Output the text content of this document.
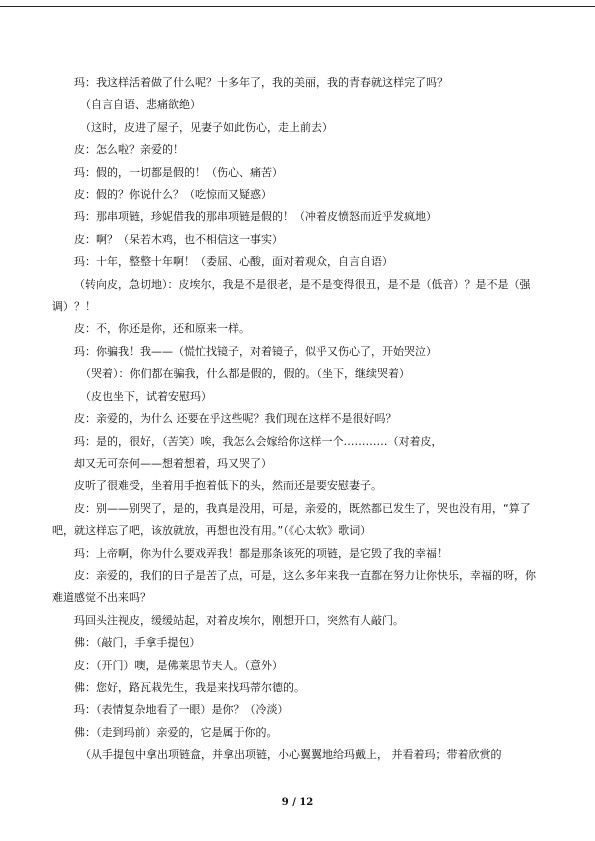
玛：我这样活着做了什么呢？十多年了，我的美丽，我的青春就这样完了吗？

（自言自语、悲痛欲绝）

（这时，皮进了屋子，见妻子如此伤心，走上前去）

皮：怎么啦？亲爱的！

玛：假的，一切都是假的！（伤心、痛苦）

皮：假的？你说什么？（吃惊而又疑惑）

玛：那串项链，珍妮借我的那串项链是假的！（冲着皮愤怒而近乎发疯地）

皮：啊？（呆若木鸡，也不相信这一事实）

玛：十年，整整十年啊！（委屈、心酸，面对着观众，自言自语）

（转向皮，急切地）：皮埃尔，我是不是很老，是不是变得很丑，是不是（低音）？是不是（强调）？！

皮：不，你还是你，还和原来一样。

玛：你骗我！我——（慌忙找镜子，对着镜子，似乎又伤心了，开始哭泣）

（哭着）：你们都在骗我，什么都是假的，假的。（坐下，继续哭着）

（皮也坐下，试着安慰玛）

皮：亲爱的，为什么 还要在乎这些呢？我们现在这样不是很好吗？

玛：是的，很好，（苦笑）唉，我怎么会嫁给你这样一个…………（对着皮，

却又无可奈何——想着想着，玛又哭了）

皮听了很难受，坐着用手抱着低下的头，然而还是要安慰妻子。

皮：别——别哭了，是的，我真是没用，可是，亲爱的，既然都已发生了，哭也没有用，“算了吧，就这样忘了吧，该放就放，再想也没有用。”（《心太软》歌词）

玛：上帝啊，你为什么要戏弄我！都是那条该死的项链，是它毁了我的幸福！

皮：亲爱的，我们的日子是苦了点，可是，这么多年来我一直都在努力让你快乐，幸福的呀，你难道感觉不出来吗？

玛回头注视皮，缓缓站起，对着皮埃尔，刚想开口，突然有人敲门。

佛：（敲门，手拿手提包）

皮：（开门）噢，是佛莱思节夫人。（意外）

佛：您好，路瓦栽先生，我是来找玛蒂尔德的。

玛：（表情复杂地看了一眼）是你？（冷淡）

佛：（走到玛前）亲爱的，它是属于你的。

（从手提包中拿出项链盒，并拿出项链，小心翼翼地给玛戴上， 并看着玛；带着欣赏的

9 / 12
